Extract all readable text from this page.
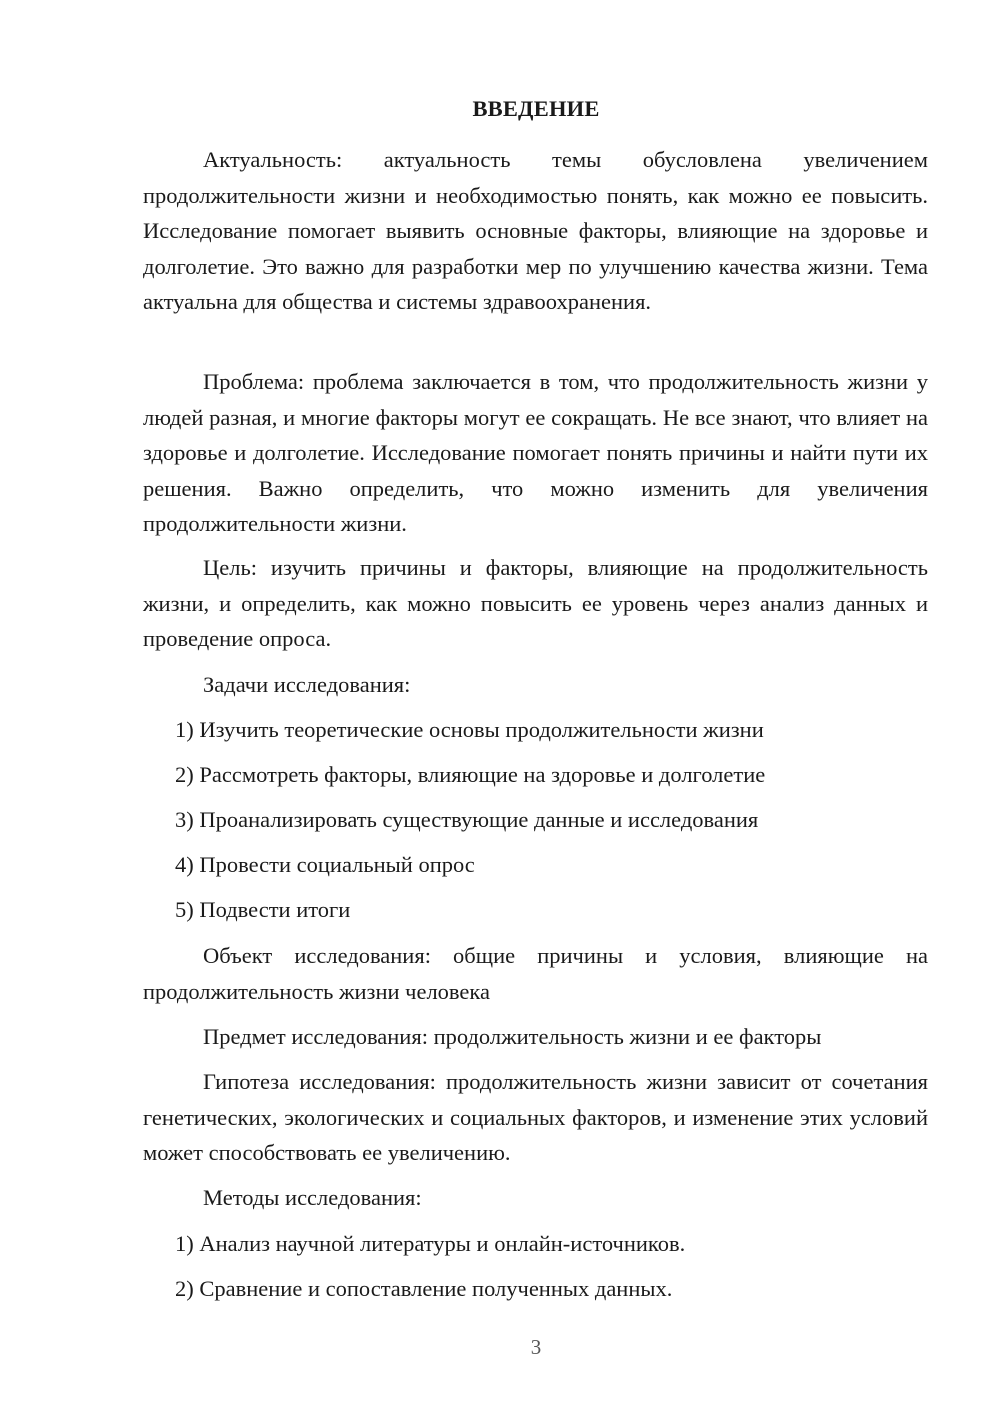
ВВЕДЕНИЕ

Актуальность: актуальность темы обусловлена увеличением продолжительности жизни и необходимостью понять, как можно ее повысить. Исследование помогает выявить основные факторы, влияющие на здоровье и долголетие. Это важно для разработки мер по улучшению качества жизни. Тема актуальна для общества и системы здравоохранения.

Проблема: проблема заключается в том, что продолжительность жизни у людей разная, и многие факторы могут ее сокращать. Не все знают, что влияет на здоровье и долголетие. Исследование помогает понять причины и найти пути их решения. Важно определить, что можно изменить для увеличения продолжительности жизни.

Цель: изучить причины и факторы, влияющие на продолжительность жизни, и определить, как можно повысить ее уровень через анализ данных и проведение опроса.

Задачи исследования:

1) Изучить теоретические основы продолжительности жизни

2) Рассмотреть факторы, влияющие на здоровье и долголетие

3) Проанализировать существующие данные и исследования

4) Провести социальный опрос

5) Подвести итоги

Объект исследования: общие причины и условия, влияющие на продолжительность жизни человека

Предмет исследования: продолжительность жизни и ее факторы

Гипотеза исследования: продолжительность жизни зависит от сочетания генетических, экологических и социальных факторов, и изменение этих условий может способствовать ее увеличению.

Методы исследования:

1) Анализ научной литературы и онлайн-источников.

2) Сравнение и сопоставление полученных данных.

3
